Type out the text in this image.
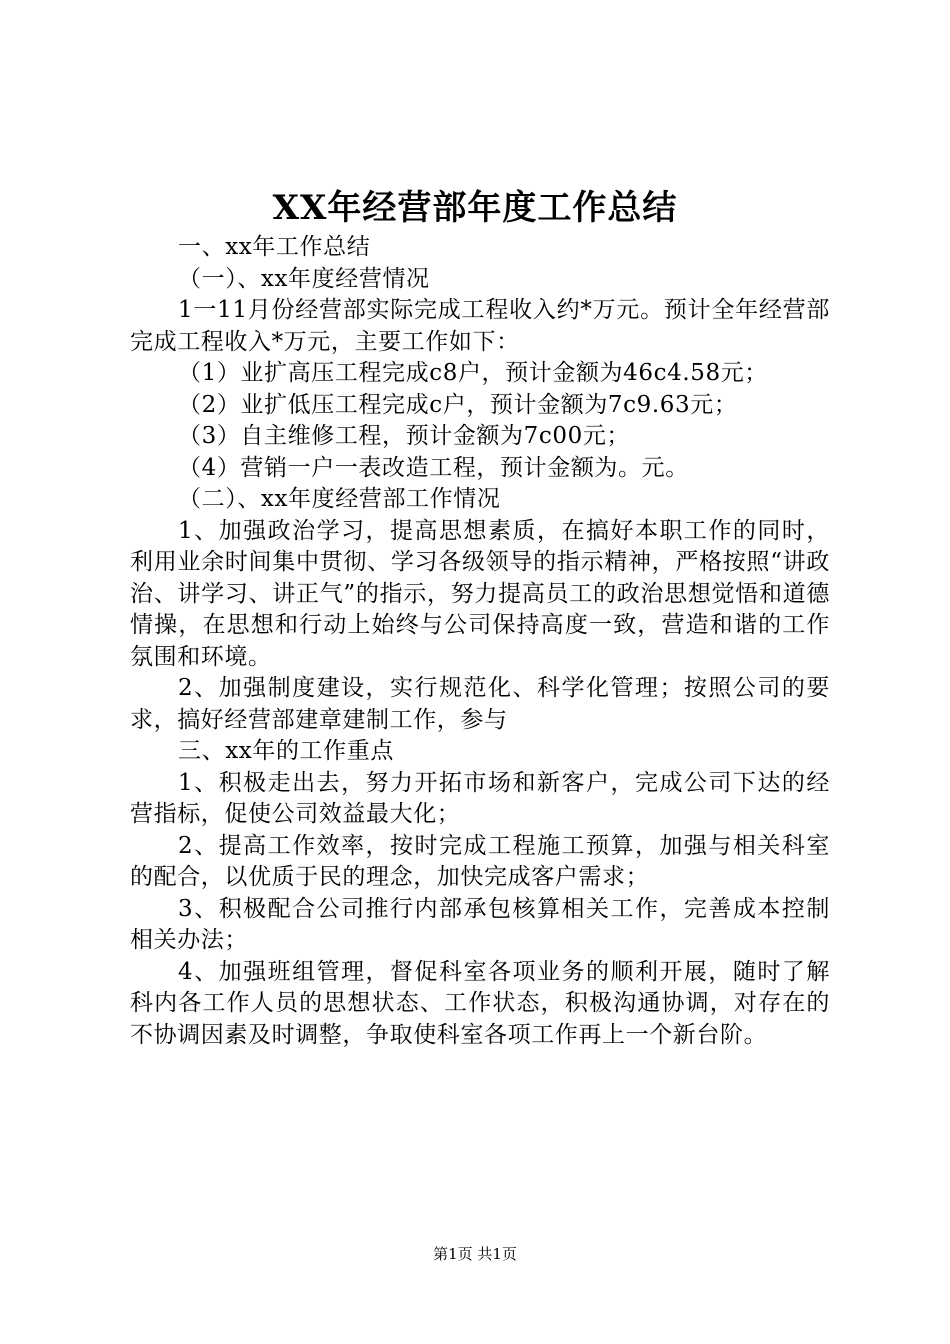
XX年经营部年度工作总结

一、xx年工作总结

（一）、xx年度经营情况

1一11月份经营部实际完成工程收入约*万元。预计全年经营部完成工程收入*万元，主要工作如下：

（1）业扩高压工程完成c8户，预计金额为46c4.58元；

（2）业扩低压工程完成c户，预计金额为7c9.63元；

（3）自主维修工程，预计金额为7c00元；

（4）营销一户一表改造工程，预计金额为。元。

（二）、xx年度经营部工作情况

1、加强政治学习，提高思想素质，在搞好本职工作的同时，利用业余时间集中贯彻、学习各级领导的指示精神，严格按照“讲政治、讲学习、讲正气”的指示，努力提高员工的政治思想觉悟和道德情操，在思想和行动上始终与公司保持高度一致，营造和谐的工作氛围和环境。

2、加强制度建设，实行规范化、科学化管理；按照公司的要求，搞好经营部建章建制工作，参与

三、xx年的工作重点

1、积极走出去，努力开拓市场和新客户，完成公司下达的经营指标，促使公司效益最大化；

2、提高工作效率，按时完成工程施工预算，加强与相关科室的配合，以优质于民的理念，加快完成客户需求；

3、积极配合公司推行内部承包核算相关工作，完善成本控制相关办法；

4、加强班组管理，督促科室各项业务的顺利开展，随时了解科内各工作人员的思想状态、工作状态，积极沟通协调，对存在的不协调因素及时调整，争取使科室各项工作再上一个新台阶。

第1页 共1页
